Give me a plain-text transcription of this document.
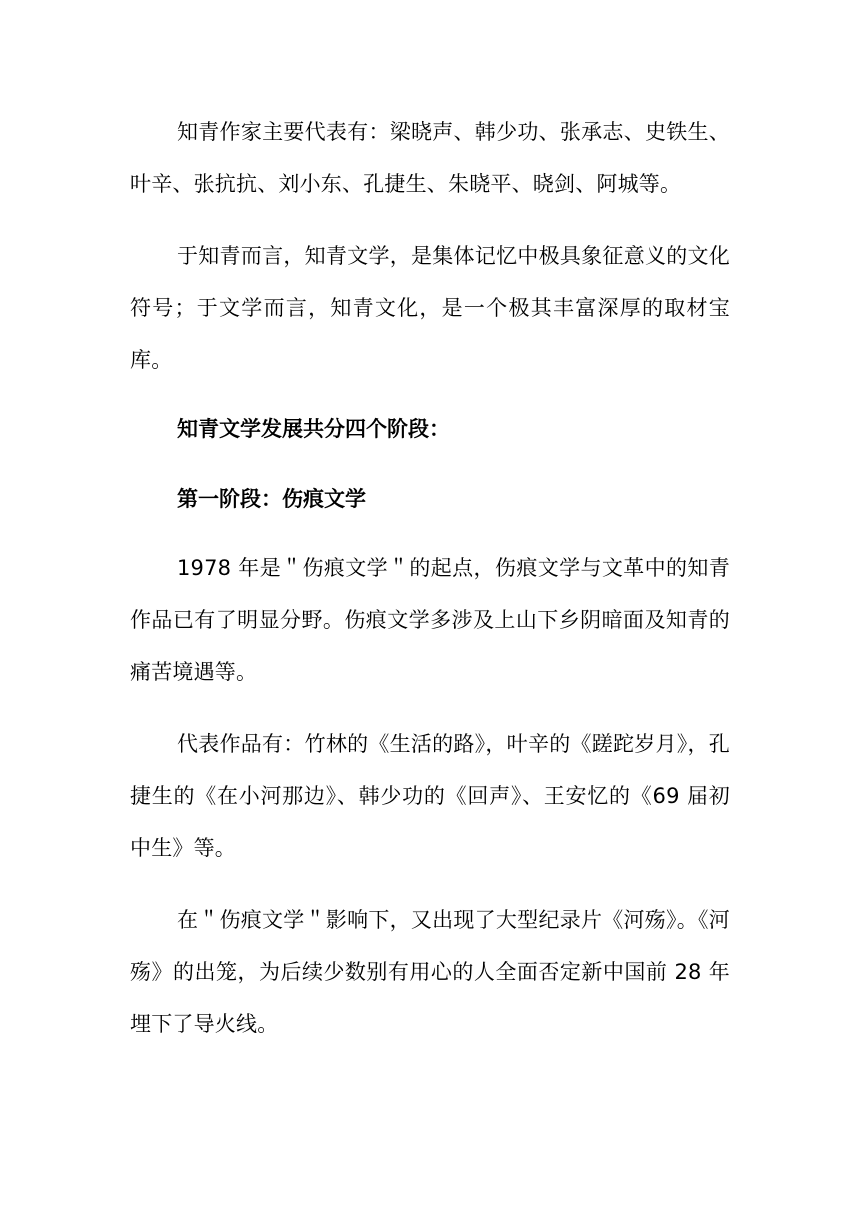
知青作家主要代表有：梁晓声、韩少功、张承志、史铁生、叶辛、张抗抗、刘小东、孔捷生、朱晓平、晓剑、阿城等。

于知青而言，知青文学，是集体记忆中极具象征意义的文化符号；于文学而言，知青文化，是一个极其丰富深厚的取材宝库。

知青文学发展共分四个阶段：

第一阶段：伤痕文学

1978 年是＂伤痕文学＂的起点，伤痕文学与文革中的知青作品已有了明显分野。伤痕文学多涉及上山下乡阴暗面及知青的痛苦境遇等。

代表作品有：竹林的《生活的路》，叶辛的《蹉跎岁月》，孔捷生的《在小河那边》、韩少功的《回声》、王安忆的《69 届初中生》等。

在＂伤痕文学＂影响下，又出现了大型纪录片《河殇》。《河殇》的出笼，为后续少数别有用心的人全面否定新中国前 28 年埋下了导火线。
